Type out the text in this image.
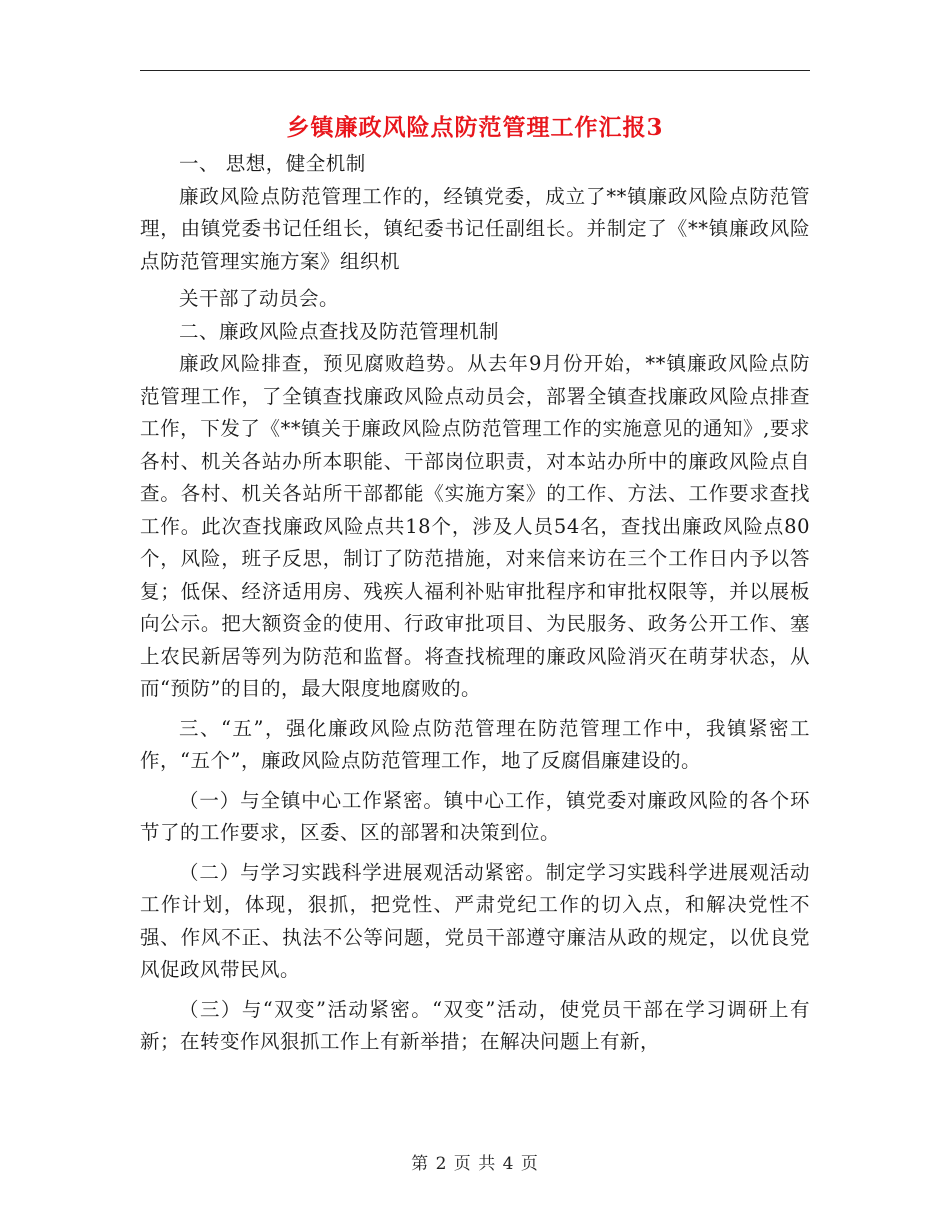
乡镇廉政风险点防范管理工作汇报3

一、 思想，健全机制

廉政风险点防范管理工作的，经镇党委，成立了**镇廉政风险点防范管理，由镇党委书记任组长，镇纪委书记任副组长。并制定了《**镇廉政风险点防范管理实施方案》组织机

关干部了动员会。

二、廉政风险点查找及防范管理机制

廉政风险排查，预见腐败趋势。从去年9月份开始，**镇廉政风险点防范管理工作，了全镇查找廉政风险点动员会，部署全镇查找廉政风险点排查工作，下发了《**镇关于廉政风险点防范管理工作的实施意见的通知》,要求各村、机关各站办所本职能、干部岗位职责，对本站办所中的廉政风险点自查。各村、机关各站所干部都能《实施方案》的工作、方法、工作要求查找工作。此次查找廉政风险点共18个，涉及人员54名，查找出廉政风险点80个，风险，班子反思，制订了防范措施，对来信来访在三个工作日内予以答复；低保、经济适用房、残疾人福利补贴审批程序和审批权限等，并以展板向公示。把大额资金的使用、行政审批项目、为民服务、政务公开工作、塞上农民新居等列为防范和监督。将查找梳理的廉政风险消灭在萌芽状态，从而“预防”的目的，最大限度地腐败的。

三、“五”，强化廉政风险点防范管理在防范管理工作中，我镇紧密工作，“五个”，廉政风险点防范管理工作，地了反腐倡廉建设的。

（一）与全镇中心工作紧密。镇中心工作，镇党委对廉政风险的各个环节了的工作要求，区委、区的部署和决策到位。

（二）与学习实践科学进展观活动紧密。制定学习实践科学进展观活动工作计划，体现，狠抓，把党性、严肃党纪工作的切入点，和解决党性不强、作风不正、执法不公等问题，党员干部遵守廉洁从政的规定，以优良党风促政风带民风。

（三）与“双变”活动紧密。“双变”活动，使党员干部在学习调研上有新；在转变作风狠抓工作上有新举措；在解决问题上有新，

第 2 页 共 4 页
